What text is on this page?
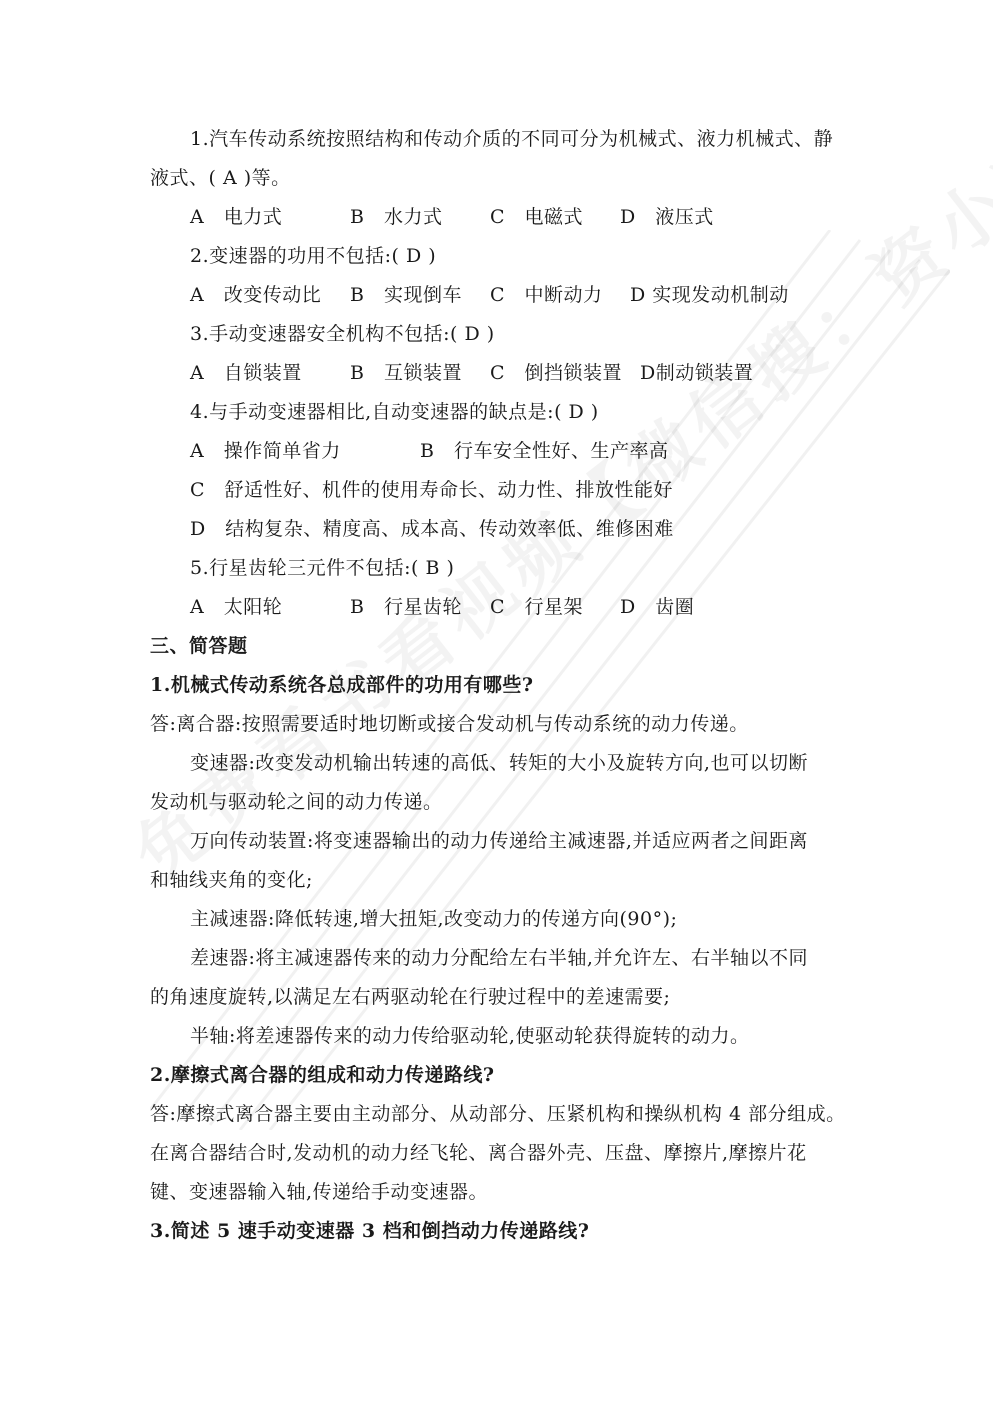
1.汽车传动系统按照结构和传动介质的不同可分为机械式、液力机械式、静
液式、( A )等。
A　电力式	B　水力式	C　电磁式 D　液压式
2.变速器的功用不包括:( D )
A　改变传动比 B　实现倒车 C　中断动力 D 实现发动机制动
3.手动变速器安全机构不包括:( D )
A　自锁装置	B　互锁装置 C　倒挡锁装置 D制动锁装置
4.与手动变速器相比,自动变速器的缺点是:( D )
A　操作简单省力	B　行车安全性好、生产率高
C　舒适性好、机件的使用寿命长、动力性、排放性能好
D　结构复杂、精度高、成本高、传动效率低、维修困难
5.行星齿轮三元件不包括:( B )
A　太阳轮	B　行星齿轮 C　行星架 D　齿圈
三、简答题
1.机械式传动系统各总成部件的功用有哪些?
答:离合器:按照需要适时地切断或接合发动机与传动系统的动力传递。
变速器:改变发动机输出转速的高低、转矩的大小及旋转方向,也可以切断
发动机与驱动轮之间的动力传递。
万向传动装置:将变速器输出的动力传递给主减速器,并适应两者之间距离
和轴线夹角的变化;
主减速器:降低转速,增大扭矩,改变动力的传递方向(90°);
差速器:将主减速器传来的动力分配给左右半轴,并允许左、右半轴以不同
的角速度旋转,以满足左右两驱动轮在行驶过程中的差速需要;
半轴:将差速器传来的动力传给驱动轮,使驱动轮获得旋转的动力。
2.摩擦式离合器的组成和动力传递路线?
答:摩擦式离合器主要由主动部分、从动部分、压紧机构和操纵机构 4 部分组成。
在离合器结合时,发动机的动力经飞轮、离合器外壳、压盘、摩擦片,摩擦片花
键、变速器输入轴,传递给手动变速器。
3.简述 5 速手动变速器 3 档和倒挡动力传递路线?
